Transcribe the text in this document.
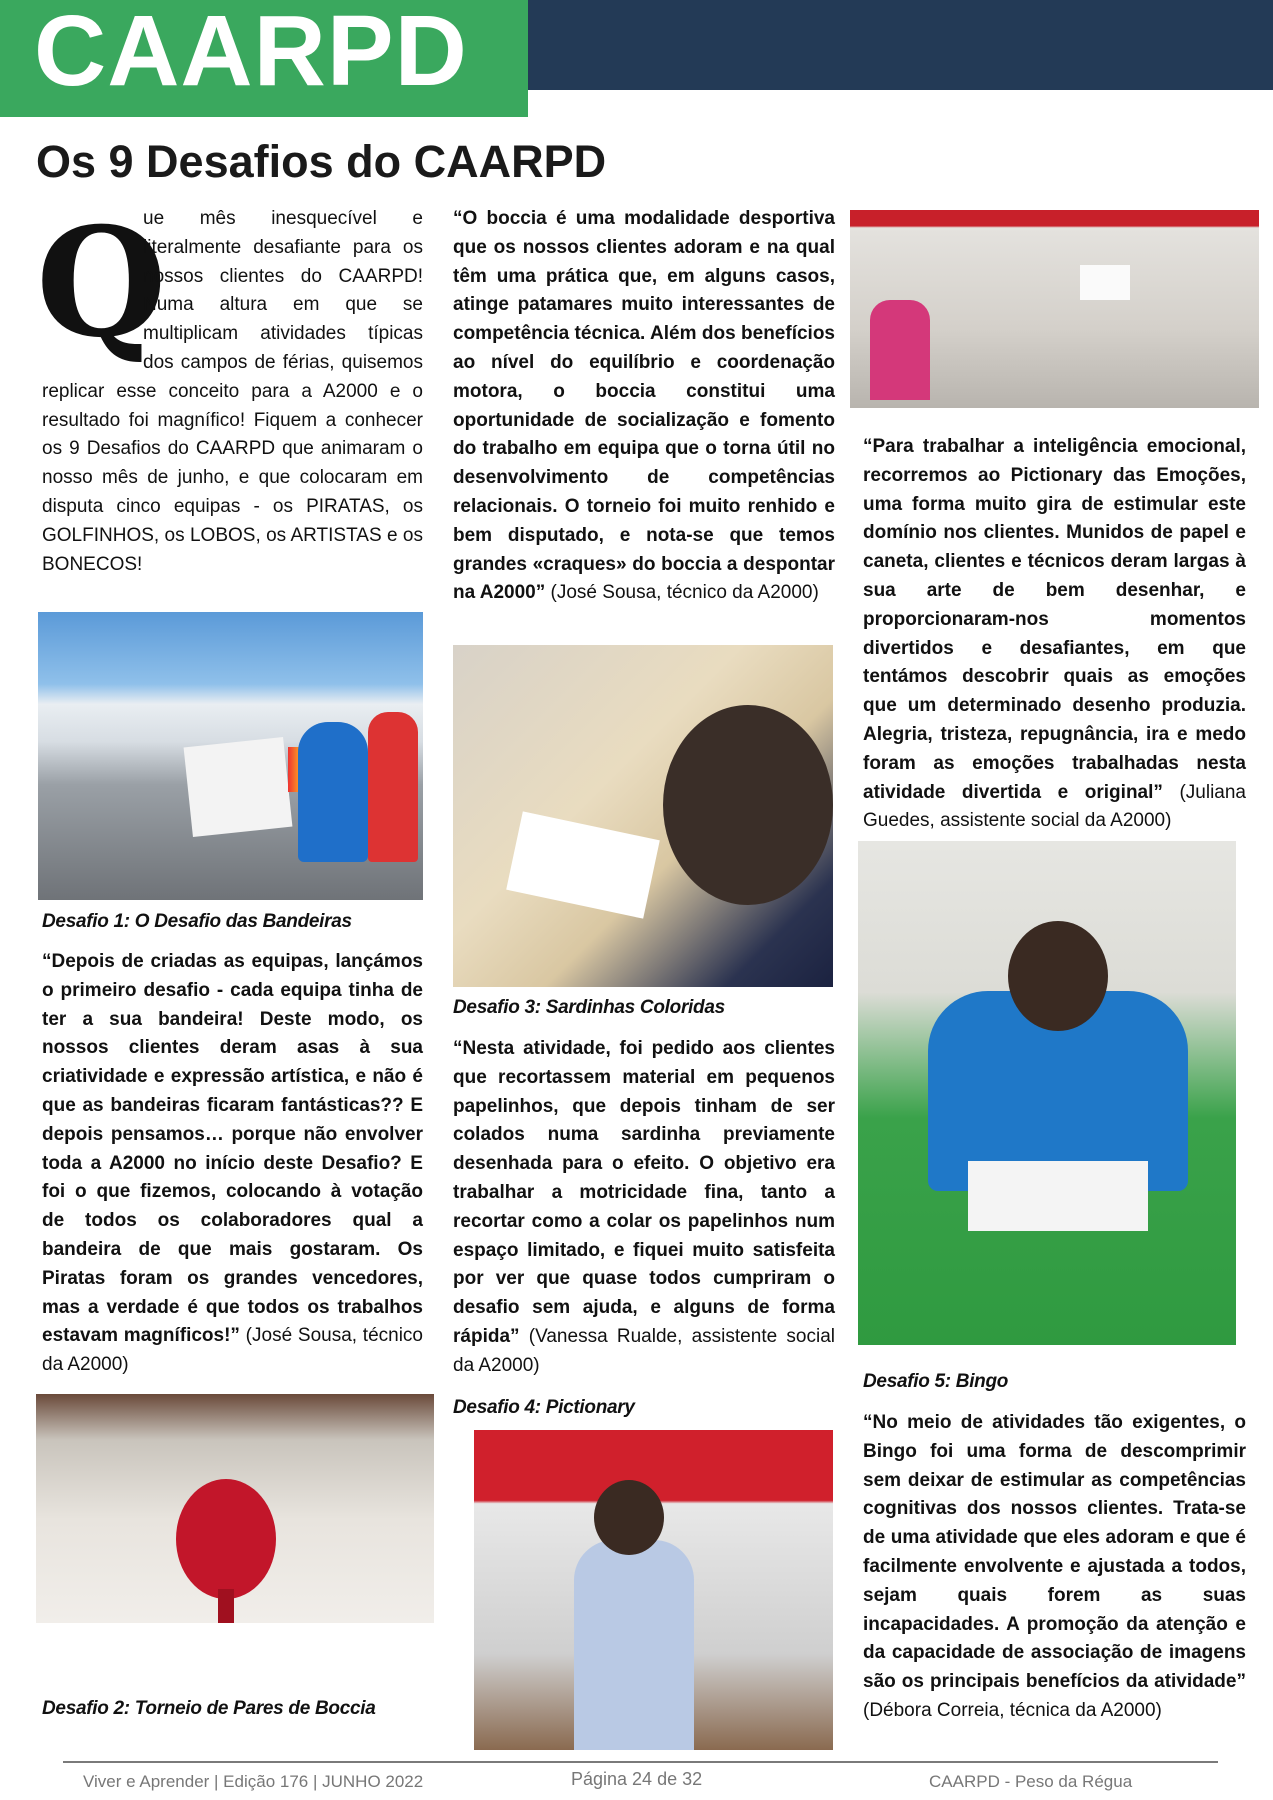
CAARPD
Os 9 Desafios do CAARPD
Q
ue mês inesquecível e literalmente desafiante para os nossos clientes do CAARPD! Numa altura em que se multiplicam atividades típicas dos campos de férias, quisemos replicar esse conceito para a A2000 e o resultado foi magnífico! Fiquem a conhecer os 9 Desafios do CAARPD que animaram o nosso mês de junho, e que colocaram em disputa cinco equipas - os PIRATAS, os GOLFINHOS, os LOBOS, os ARTISTAS e os BONECOS!
Desafio 1: O Desafio das Bandeiras
“Depois de criadas as equipas, lançámos o primeiro desafio - cada equipa tinha de ter a sua bandeira! Deste modo, os nossos clientes deram asas à sua criatividade e expressão artística, e não é que as bandeiras ficaram fantásticas?? E depois pensamos… porque não envolver toda a A2000 no início deste Desafio? E foi o que fizemos, colocando à votação de todos os colaboradores qual a bandeira de que mais gostaram. Os Piratas foram os grandes vencedores, mas a verdade é que todos os trabalhos estavam magníficos!” (José Sousa, técnico da A2000)
Desafio 2: Torneio de Pares de Boccia
“O boccia é uma modalidade desportiva que os nossos clientes adoram e na qual têm uma prática que, em alguns casos, atinge patamares muito interessantes de competência técnica. Além dos benefícios ao nível do equilíbrio e coordenação motora, o boccia constitui uma oportunidade de socialização e fomento do trabalho em equipa que o torna útil no desenvolvimento de competências relacionais. O torneio foi muito renhido e bem disputado, e nota-se que temos grandes «craques» do boccia a despontar na A2000” (José Sousa, técnico da A2000)
Desafio 3: Sardinhas Coloridas
“Nesta atividade, foi pedido aos clientes que recortassem material em pequenos papelinhos, que depois tinham de ser colados numa sardinha previamente desenhada para o efeito. O objetivo era trabalhar a motricidade fina, tanto a recortar como a colar os papelinhos num espaço limitado, e fiquei muito satisfeita por ver que quase todos cumpriram o desafio sem ajuda, e alguns de forma rápida” (Vanessa Rualde, assistente social da A2000)
Desafio 4: Pictionary
“Para trabalhar a inteligência emocional, recorremos ao Pictionary das Emoções, uma forma muito gira de estimular este domínio nos clientes. Munidos de papel e caneta, clientes e técnicos deram largas à sua arte de bem desenhar, e proporcionaram-nos momentos divertidos e desafiantes, em que tentámos descobrir quais as emoções que um determinado desenho produzia. Alegria, tristeza, repugnância, ira e medo foram as emoções trabalhadas nesta atividade divertida e original” (Juliana Guedes, assistente social da A2000)
Desafio 5: Bingo
“No meio de atividades tão exigentes, o Bingo foi uma forma de descomprimir sem deixar de estimular as competências cognitivas dos nossos clientes. Trata-se de uma atividade que eles adoram e que é facilmente envolvente e ajustada a todos, sejam quais forem as suas incapacidades. A promoção da atenção e da capacidade de associação de imagens são os principais benefícios da atividade” (Débora Correia, técnica da A2000)
Viver e Aprender | Edição 176 | JUNHO 2022	Página 24 de 32	CAARPD - Peso da Régua
